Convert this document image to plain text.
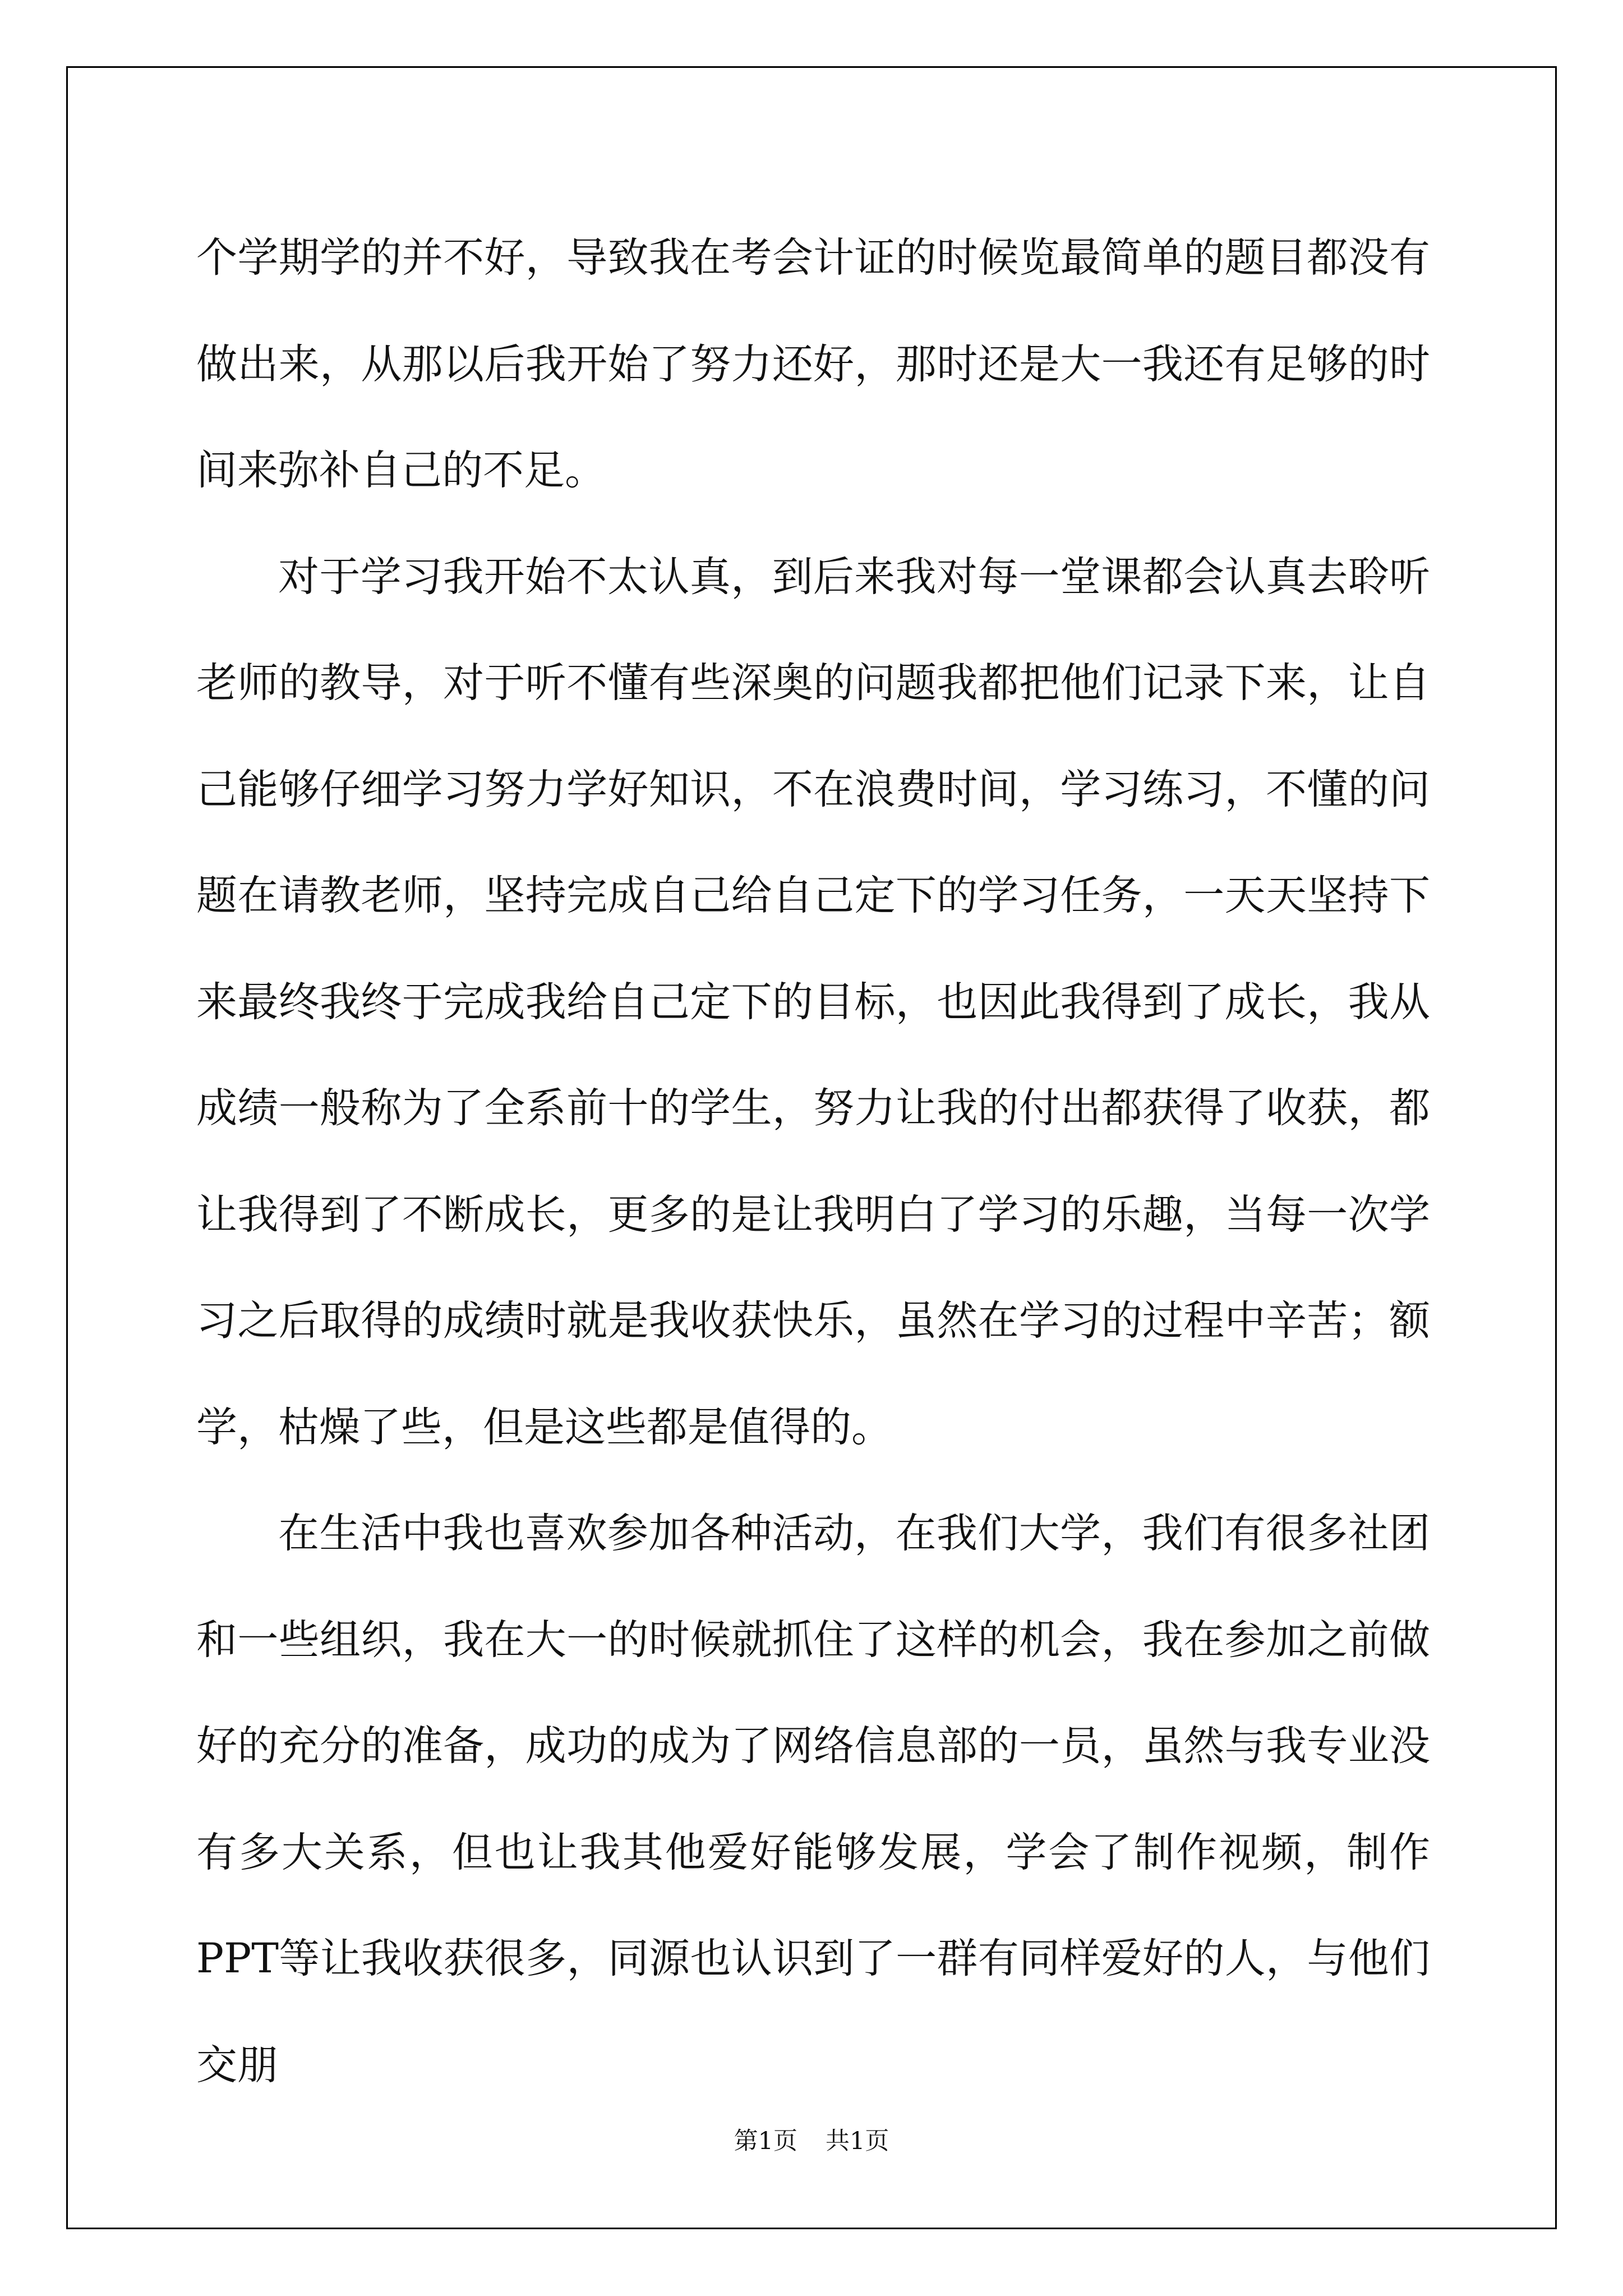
个学期学的并不好，导致我在考会计证的时候览最简单的题目都没有做出来，从那以后我开始了努力还好，那时还是大一我还有足够的时间来弥补自己的不足。

对于学习我开始不太认真，到后来我对每一堂课都会认真去聆听老师的教导，对于听不懂有些深奥的问题我都把他们记录下来，让自己能够仔细学习努力学好知识，不在浪费时间，学习练习，不懂的问题在请教老师，坚持完成自己给自己定下的学习任务，一天天坚持下来最终我终于完成我给自己定下的目标，也因此我得到了成长，我从成绩一般称为了全系前十的学生，努力让我的付出都获得了收获，都让我得到了不断成长，更多的是让我明白了学习的乐趣，当每一次学习之后取得的成绩时就是我收获快乐，虽然在学习的过程中辛苦；额学，枯燥了些，但是这些都是值得的。

在生活中我也喜欢参加各种活动，在我们大学，我们有很多社团和一些组织，我在大一的时候就抓住了这样的机会，我在参加之前做好的充分的准备，成功的成为了网络信息部的一员，虽然与我专业没有多大关系，但也让我其他爱好能够发展，学会了制作视频，制作PPT等让我收获很多，同源也认识到了一群有同样爱好的人，与他们交朋

第1页 共1页
